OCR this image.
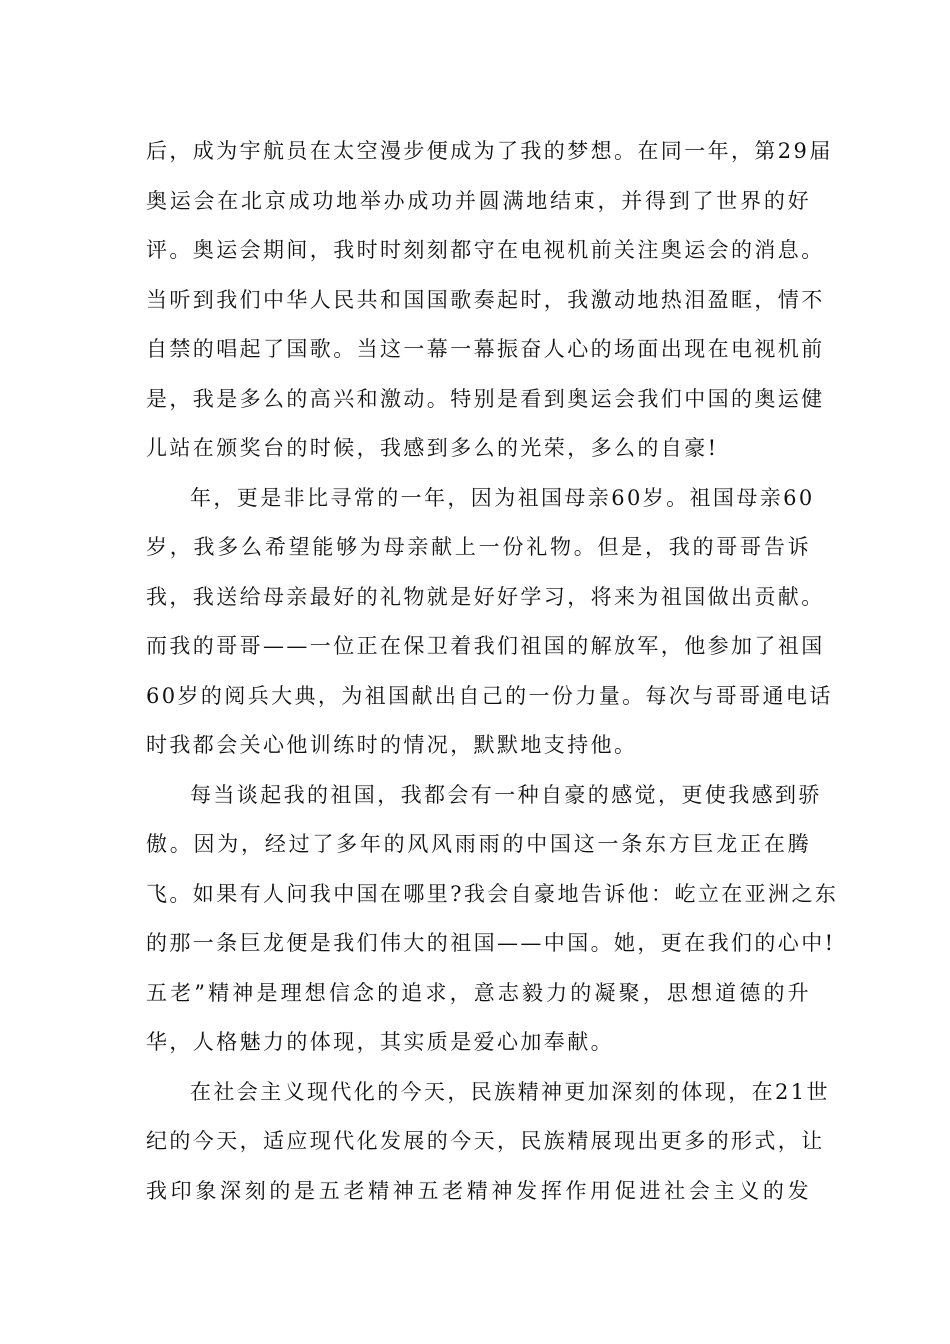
后，成为宇航员在太空漫步便成为了我的梦想。在同一年，第29届
奥运会在北京成功地举办成功并圆满地结束，并得到了世界的好
评。奥运会期间，我时时刻刻都守在电视机前关注奥运会的消息。
当听到我们中华人民共和国国歌奏起时，我激动地热泪盈眶，情不
自禁的唱起了国歌。当这一幕一幕振奋人心的场面出现在电视机前
是，我是多么的高兴和激动。特别是看到奥运会我们中国的奥运健
儿站在颁奖台的时候，我感到多么的光荣，多么的自豪!
年，更是非比寻常的一年，因为祖国母亲60岁。祖国母亲60
岁，我多么希望能够为母亲献上一份礼物。但是，我的哥哥告诉
我，我送给母亲最好的礼物就是好好学习，将来为祖国做出贡献。
而我的哥哥——一位正在保卫着我们祖国的解放军，他参加了祖国
60岁的阅兵大典，为祖国献出自己的一份力量。每次与哥哥通电话
时我都会关心他训练时的情况，默默地支持他。
每当谈起我的祖国，我都会有一种自豪的感觉，更使我感到骄
傲。因为，经过了多年的风风雨雨的中国这一条东方巨龙正在腾
飞。如果有人问我中国在哪里?我会自豪地告诉他：屹立在亚洲之东
的那一条巨龙便是我们伟大的祖国——中国。她，更在我们的心中!
五老”精神是理想信念的追求，意志毅力的凝聚，思想道德的升
华，人格魅力的体现，其实质是爱心加奉献。
在社会主义现代化的今天，民族精神更加深刻的体现，在21世
纪的今天，适应现代化发展的今天，民族精展现出更多的形式，让
我印象深刻的是五老精神五老精神发挥作用促进社会主义的发
